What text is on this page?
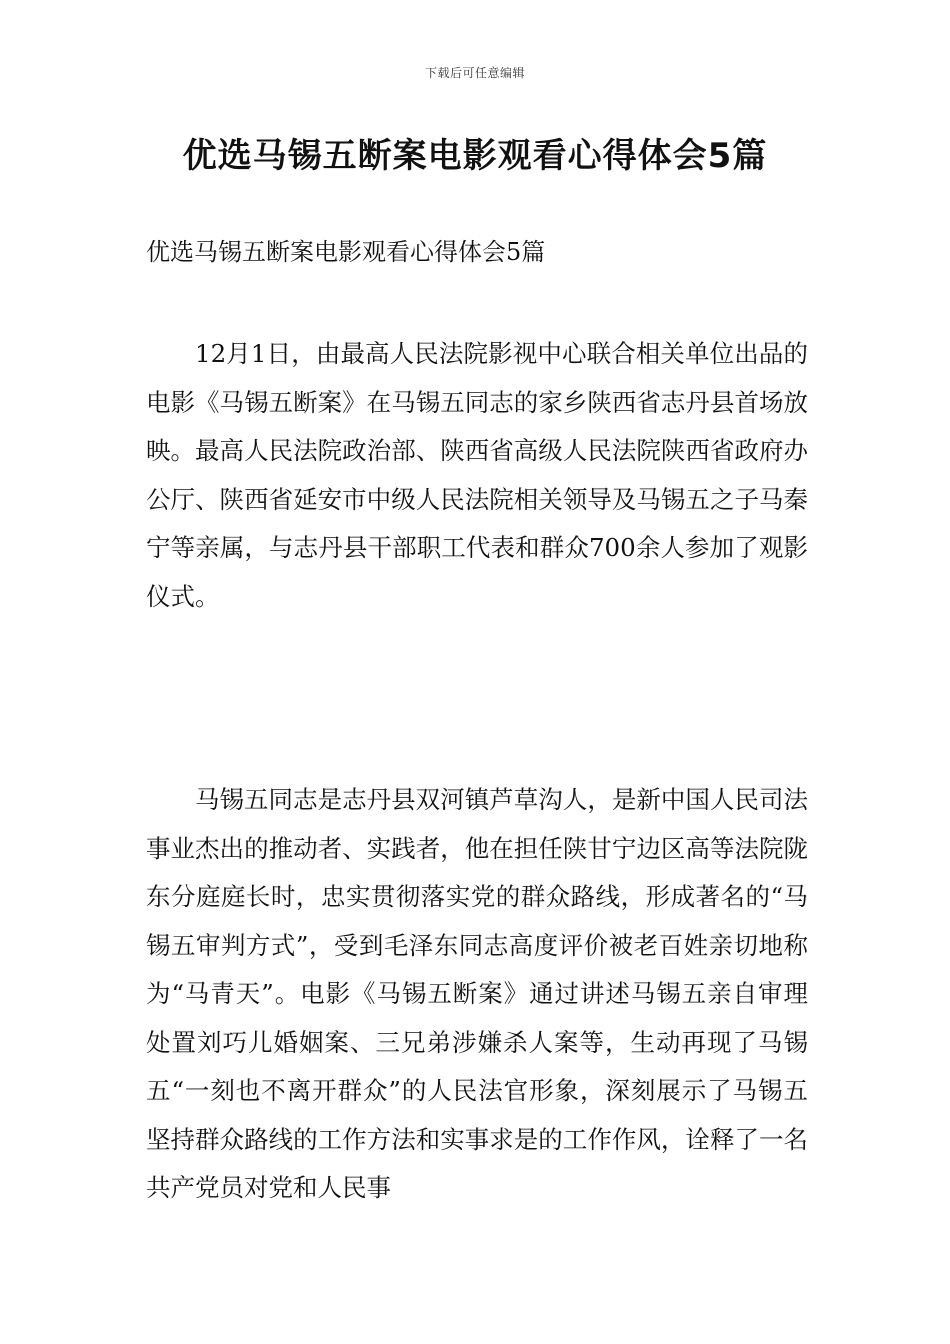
下载后可任意编辑
优选马锡五断案电影观看心得体会5篇
优选马锡五断案电影观看心得体会5篇

12月1日，由最高人民法院影视中心联合相关单位出品的电影《马锡五断案》在马锡五同志的家乡陕西省志丹县首场放映。最高人民法院政治部、陕西省高级人民法院陕西省政府办公厅、陕西省延安市中级人民法院相关领导及马锡五之子马秦宁等亲属，与志丹县干部职工代表和群众700余人参加了观影仪式。

马锡五同志是志丹县双河镇芦草沟人，是新中国人民司法事业杰出的推动者、实践者，他在担任陕甘宁边区高等法院陇东分庭庭长时，忠实贯彻落实党的群众路线，形成著名的“马锡五审判方式”，受到毛泽东同志高度评价被老百姓亲切地称为“马青天”。电影《马锡五断案》通过讲述马锡五亲自审理处置刘巧儿婚姻案、三兄弟涉嫌杀人案等，生动再现了马锡五“一刻也不离开群众”的人民法官形象，深刻展示了马锡五坚持群众路线的工作方法和实事求是的工作作风，诠释了一名共产党员对党和人民事
